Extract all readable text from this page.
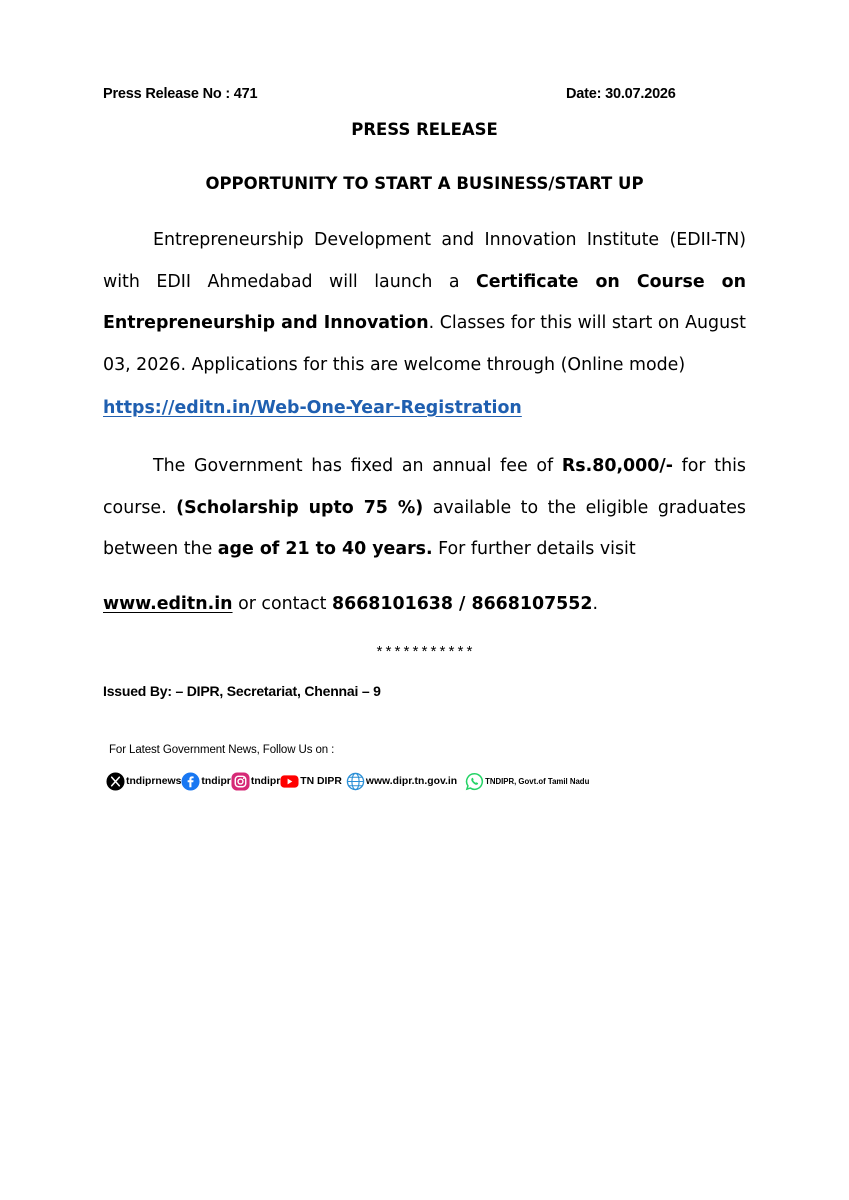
Press Release No : 471	Date: 30.07.2026
PRESS RELEASE
OPPORTUNITY TO START A BUSINESS/START UP
Entrepreneurship Development and Innovation Institute (EDII-TN) with EDII Ahmedabad will launch a Certificate on Course on Entrepreneurship and Innovation. Classes for this will start on August 03, 2026. Applications for this are welcome through (Online mode)
https://editn.in/Web-One-Year-Registration
The Government has fixed an annual fee of Rs.80,000/- for this course. (Scholarship upto 75 %) available to the eligible graduates between the age of 21 to 40 years. For further details visit
www.editn.in or contact 8668101638 / 8668107552.
***********
Issued By: – DIPR, Secretariat, Chennai – 9
For Latest Government News, Follow Us on :
tndiprnews tndipr tndipr TN DIPR www.dipr.tn.gov.in	TNDIPR, Govt.of Tamil Nadu
